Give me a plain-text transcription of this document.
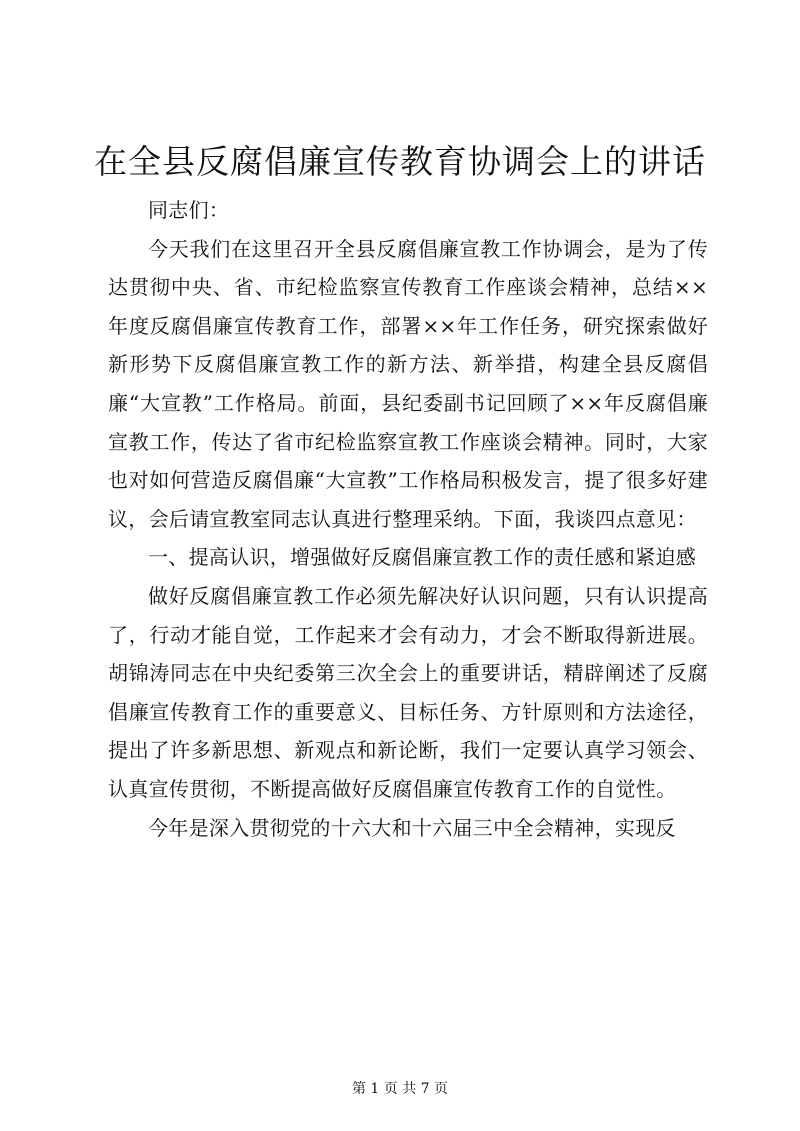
在全县反腐倡廉宣传教育协调会上的讲话

同志们：

今天我们在这里召开全县反腐倡廉宣教工作协调会，是为了传达贯彻中央、省、市纪检监察宣传教育工作座谈会精神，总结××年度反腐倡廉宣传教育工作，部署××年工作任务，研究探索做好新形势下反腐倡廉宣教工作的新方法、新举措，构建全县反腐倡廉“大宣教”工作格局。前面，县纪委副书记回顾了××年反腐倡廉宣教工作，传达了省市纪检监察宣教工作座谈会精神。同时，大家也对如何营造反腐倡廉“大宣教”工作格局积极发言，提了很多好建议，会后请宣教室同志认真进行整理采纳。下面，我谈四点意见：

一、提高认识，增强做好反腐倡廉宣教工作的责任感和紧迫感

做好反腐倡廉宣教工作必须先解决好认识问题，只有认识提高了，行动才能自觉，工作起来才会有动力，才会不断取得新进展。胡锦涛同志在中央纪委第三次全会上的重要讲话，精辟阐述了反腐倡廉宣传教育工作的重要意义、目标任务、方针原则和方法途径，提出了许多新思想、新观点和新论断，我们一定要认真学习领会、认真宣传贯彻，不断提高做好反腐倡廉宣传教育工作的自觉性。

今年是深入贯彻党的十六大和十六届三中全会精神，实现反

第 1 页 共 7 页
